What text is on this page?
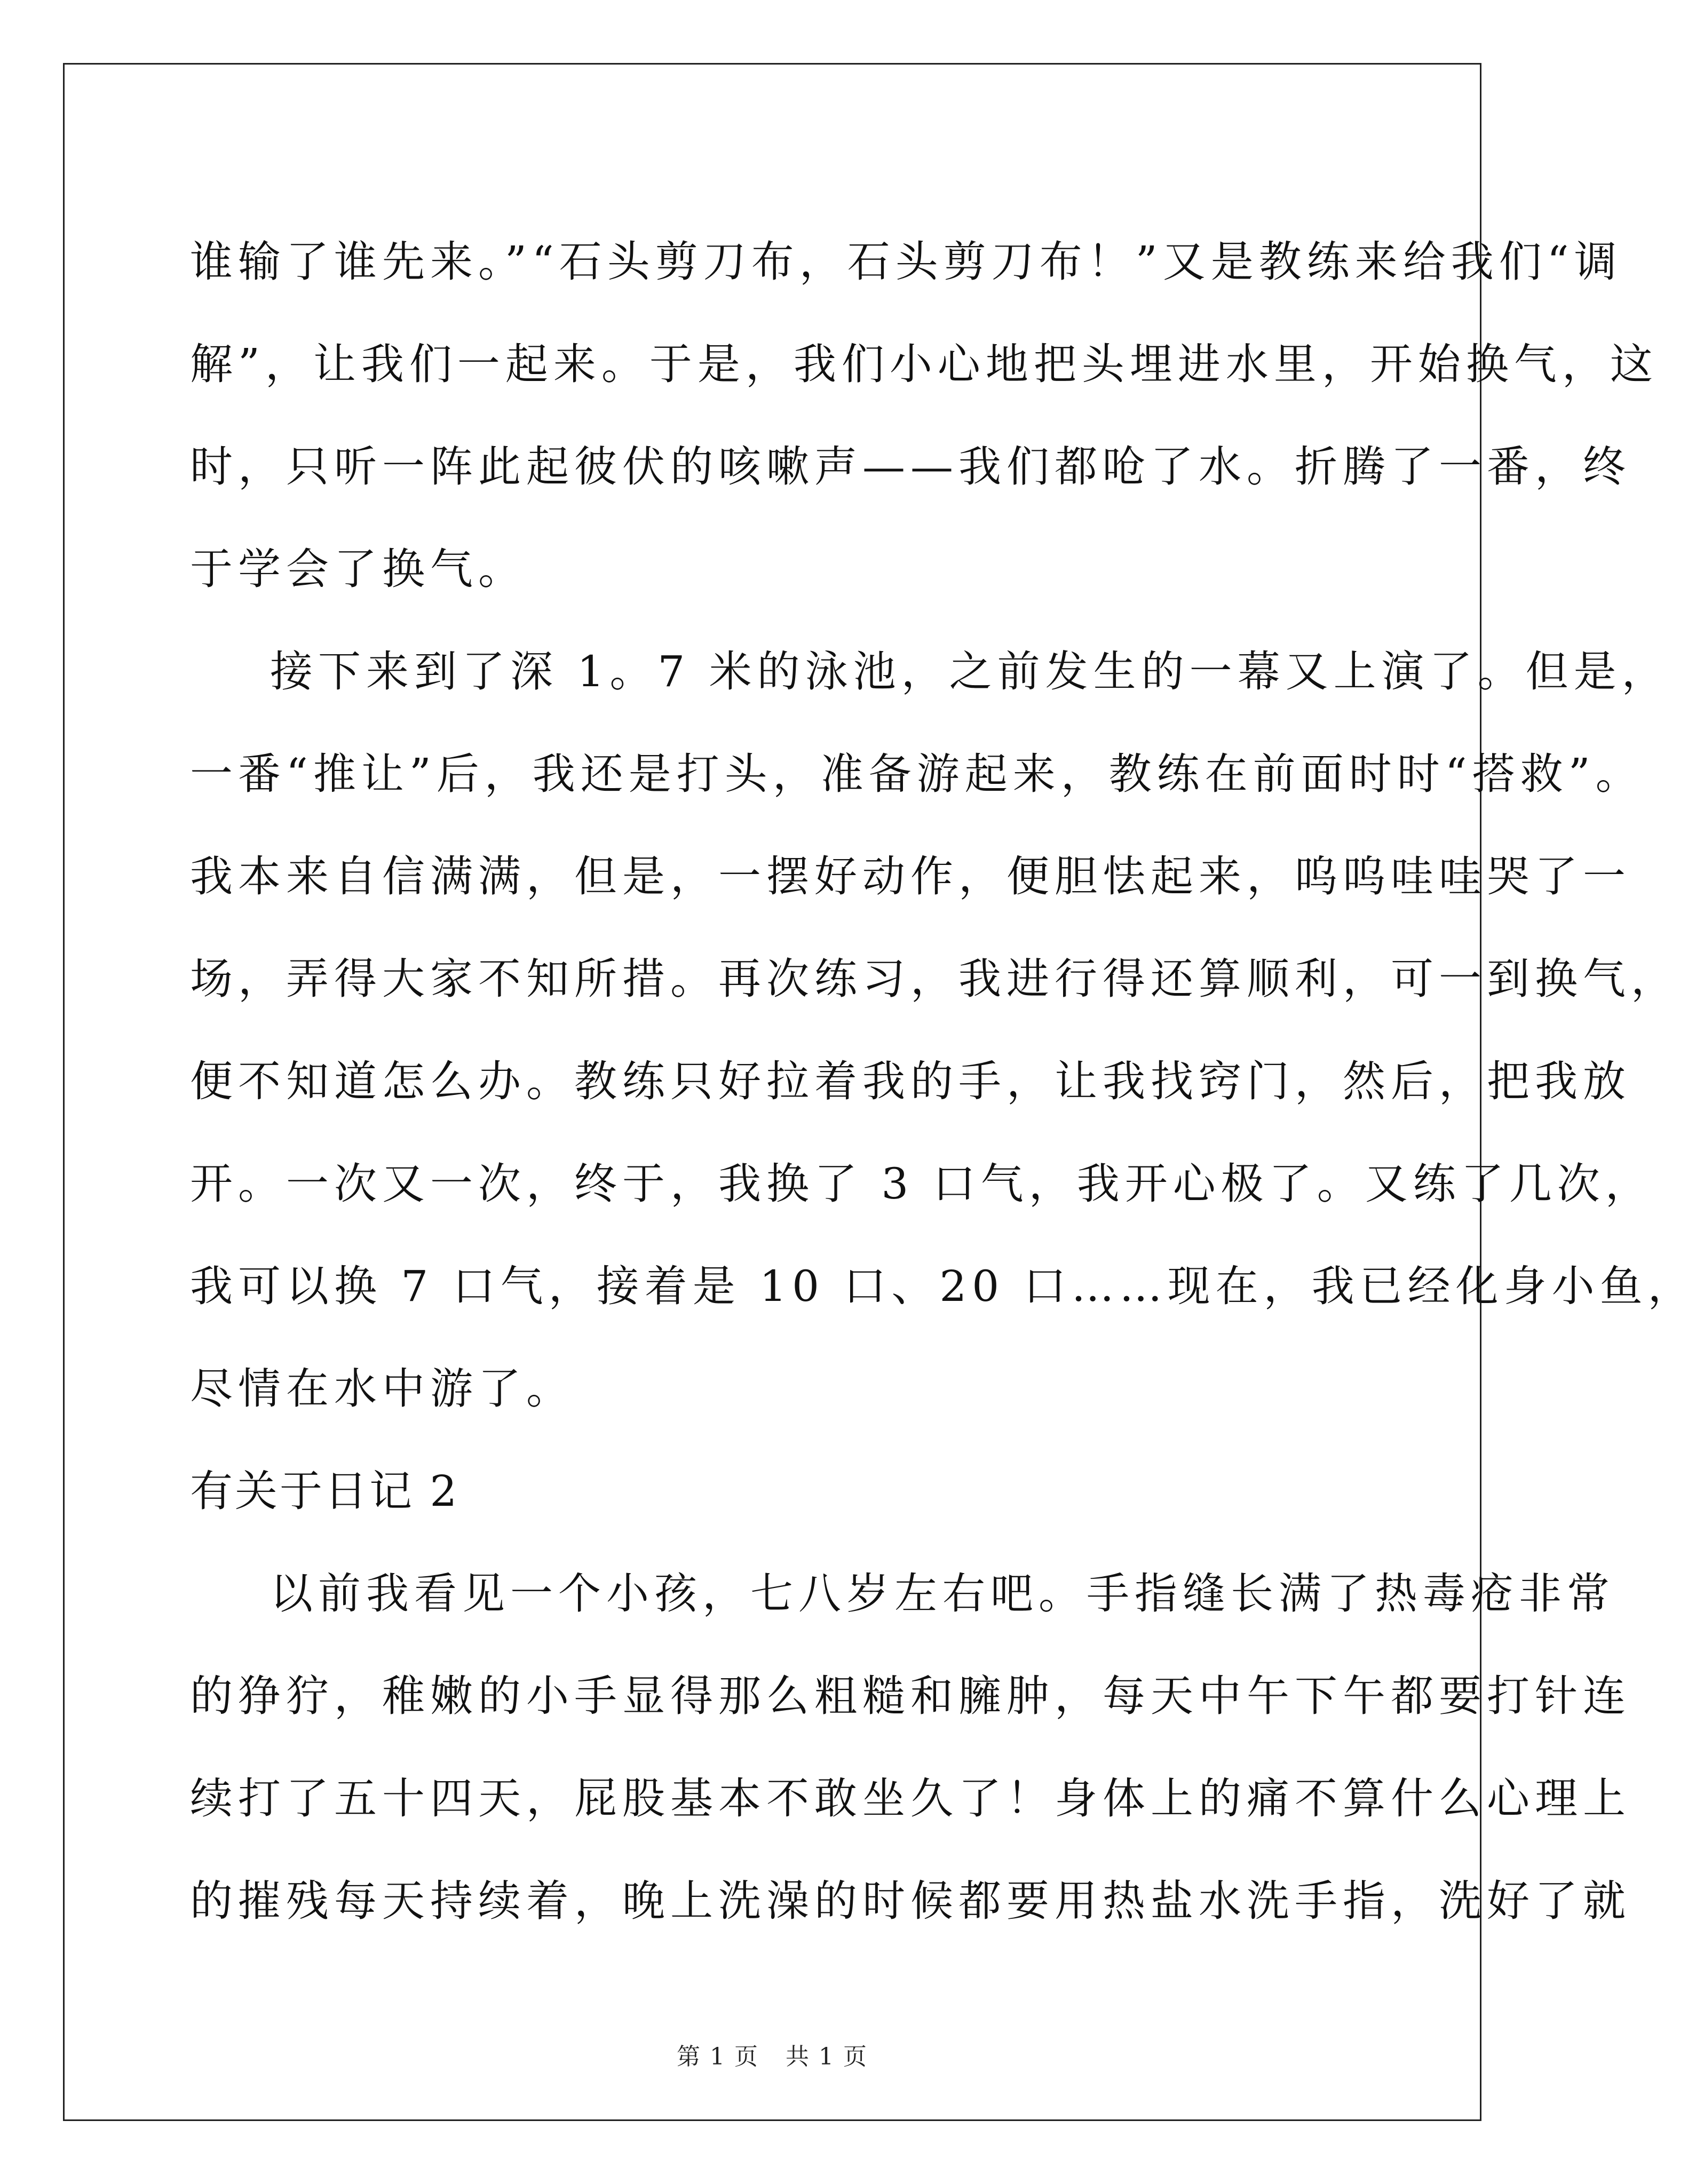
谁输了谁先来。”“石头剪刀布，石头剪刀布！”又是教练来给我们“调
解”，让我们一起来。于是，我们小心地把头埋进水里，开始换气，这
时，只听一阵此起彼伏的咳嗽声——我们都呛了水。折腾了一番，终
于学会了换气。
接下来到了深 1。7 米的泳池，之前发生的一幕又上演了。但是，
一番“推让”后，我还是打头，准备游起来，教练在前面时时“搭救”。
我本来自信满满，但是，一摆好动作，便胆怯起来，呜呜哇哇哭了一
场，弄得大家不知所措。再次练习，我进行得还算顺利，可一到换气，
便不知道怎么办。教练只好拉着我的手，让我找窍门，然后，把我放
开。一次又一次，终于，我换了 3 口气，我开心极了。又练了几次，
我可以换 7 口气，接着是 10 口、20 口……现在，我已经化身小鱼，
尽情在水中游了。
有关于日记 2
以前我看见一个小孩，七八岁左右吧。手指缝长满了热毒疮非常
的狰狞，稚嫩的小手显得那么粗糙和臃肿，每天中午下午都要打针连
续打了五十四天，屁股基本不敢坐久了！身体上的痛不算什么心理上
的摧残每天持续着，晚上洗澡的时候都要用热盐水洗手指，洗好了就
第 1 页 共 1 页
